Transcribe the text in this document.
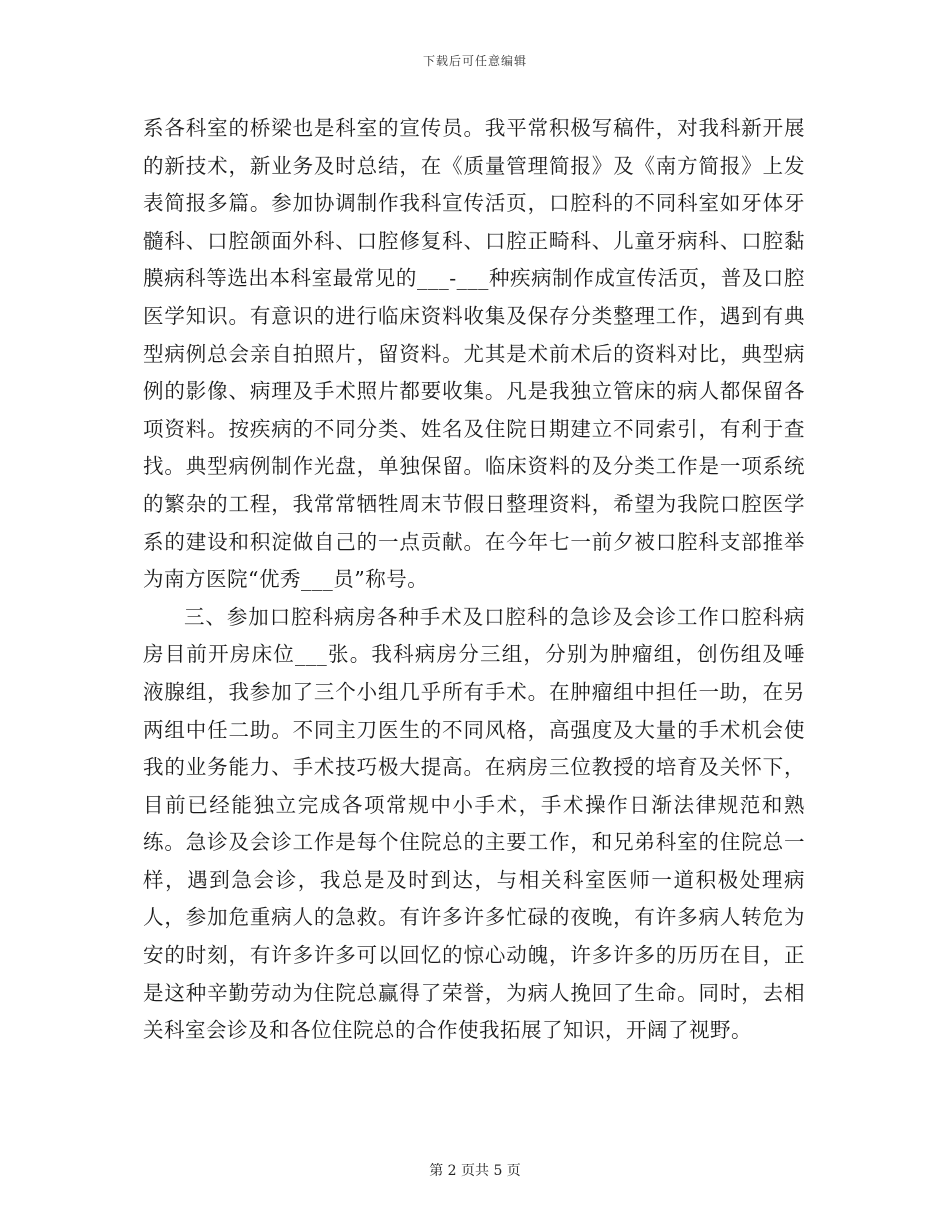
下载后可任意编辑

系各科室的桥梁也是科室的宣传员。我平常积极写稿件，对我科新开展的新技术，新业务及时总结，在《质量管理简报》及《南方简报》上发表简报多篇。参加协调制作我科宣传活页，口腔科的不同科室如牙体牙髓科、口腔颌面外科、口腔修复科、口腔正畸科、儿童牙病科、口腔黏膜病科等选出本科室最常见的___-___种疾病制作成宣传活页，普及口腔医学知识。有意识的进行临床资料收集及保存分类整理工作，遇到有典型病例总会亲自拍照片，留资料。尤其是术前术后的资料对比，典型病例的影像、病理及手术照片都要收集。凡是我独立管床的病人都保留各项资料。按疾病的不同分类、姓名及住院日期建立不同索引，有利于查找。典型病例制作光盘，单独保留。临床资料的及分类工作是一项系统的繁杂的工程，我常常牺牲周末节假日整理资料，希望为我院口腔医学系的建设和积淀做自己的一点贡献。在今年七一前夕被口腔科支部推举为南方医院“优秀___员”称号。

三、参加口腔科病房各种手术及口腔科的急诊及会诊工作口腔科病房目前开房床位___张。我科病房分三组，分别为肿瘤组，创伤组及唾液腺组，我参加了三个小组几乎所有手术。在肿瘤组中担任一助，在另两组中任二助。不同主刀医生的不同风格，高强度及大量的手术机会使我的业务能力、手术技巧极大提高。在病房三位教授的培育及关怀下，目前已经能独立完成各项常规中小手术，手术操作日渐法律规范和熟练。急诊及会诊工作是每个住院总的主要工作，和兄弟科室的住院总一样，遇到急会诊，我总是及时到达，与相关科室医师一道积极处理病人，参加危重病人的急救。有许多许多忙碌的夜晚，有许多病人转危为安的时刻，有许多许多可以回忆的惊心动魄，许多许多的历历在目，正是这种辛勤劳动为住院总赢得了荣誉，为病人挽回了生命。同时，去相关科室会诊及和各位住院总的合作使我拓展了知识，开阔了视野。

第 2 页共 5 页
